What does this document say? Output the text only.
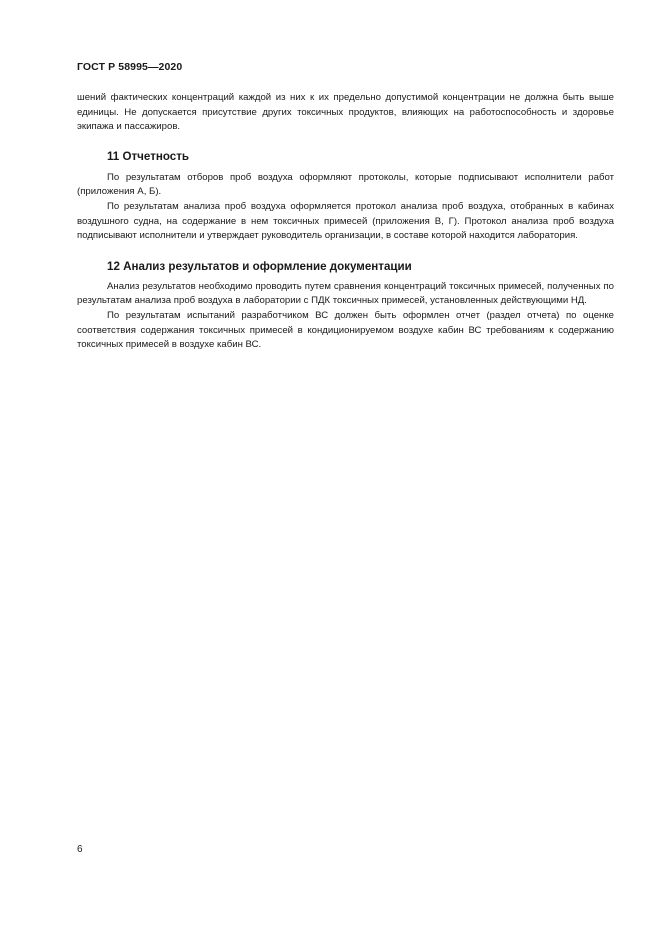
ГОСТ Р 58995—2020

шений фактических концентраций каждой из них к их предельно допустимой концентрации не должна быть выше единицы. Не допускается присутствие других токсичных продуктов, влияющих на работоспособность и здоровье экипажа и пассажиров.

11 Отчетность

По результатам отборов проб воздуха оформляют протоколы, которые подписывают исполнители работ (приложения А, Б).

По результатам анализа проб воздуха оформляется протокол анализа проб воздуха, отобранных в кабинах воздушного судна, на содержание в нем токсичных примесей (приложения В, Г). Протокол анализа проб воздуха подписывают исполнители и утверждает руководитель организации, в составе которой находится лаборатория.

12 Анализ результатов и оформление документации

Анализ результатов необходимо проводить путем сравнения концентраций токсичных примесей, полученных по результатам анализа проб воздуха в лаборатории с ПДК токсичных примесей, установленных действующими НД.

По результатам испытаний разработчиком ВС должен быть оформлен отчет (раздел отчета) по оценке соответствия содержания токсичных примесей в кондиционируемом воздухе кабин ВС требованиям к содержанию токсичных примесей в воздухе кабин ВС.

6
